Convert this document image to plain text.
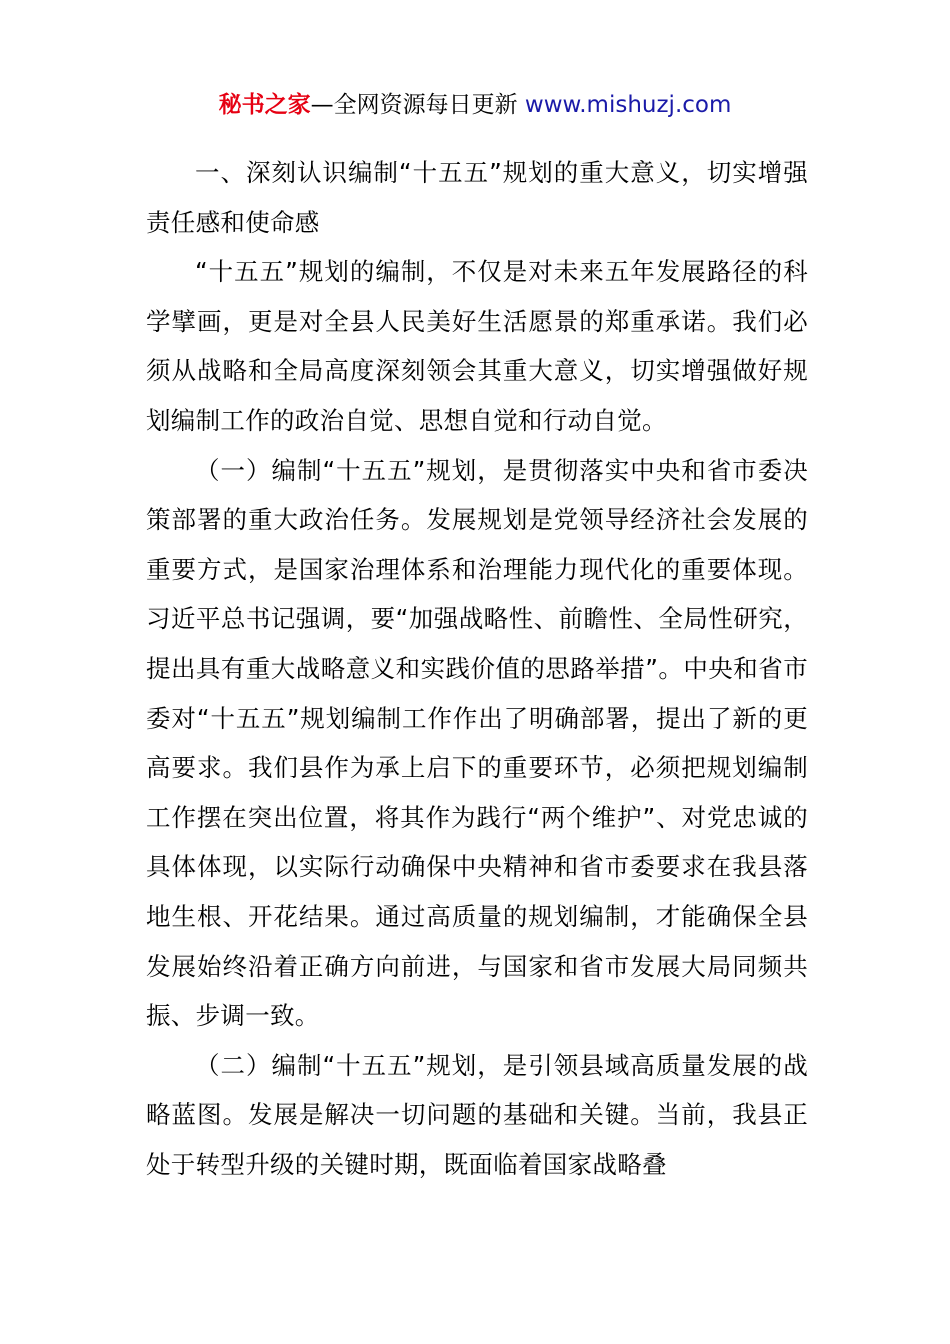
秘书之家—全网资源每日更新 www.mishuzj.com

一、深刻认识编制“十五五”规划的重大意义，切实增强责任感和使命感

“十五五”规划的编制，不仅是对未来五年发展路径的科学擘画，更是对全县人民美好生活愿景的郑重承诺。我们必须从战略和全局高度深刻领会其重大意义，切实增强做好规划编制工作的政治自觉、思想自觉和行动自觉。

（一）编制“十五五”规划，是贯彻落实中央和省市委决策部署的重大政治任务。发展规划是党领导经济社会发展的重要方式，是国家治理体系和治理能力现代化的重要体现。习近平总书记强调，要“加强战略性、前瞻性、全局性研究，提出具有重大战略意义和实践价值的思路举措”。中央和省市委对“十五五”规划编制工作作出了明确部署，提出了新的更高要求。我们县作为承上启下的重要环节，必须把规划编制工作摆在突出位置，将其作为践行“两个维护”、对党忠诚的具体体现，以实际行动确保中央精神和省市委要求在我县落地生根、开花结果。通过高质量的规划编制，才能确保全县发展始终沿着正确方向前进，与国家和省市发展大局同频共振、步调一致。

（二）编制“十五五”规划，是引领县域高质量发展的战略蓝图。发展是解决一切问题的基础和关键。当前，我县正处于转型升级的关键时期，既面临着国家战略叠
